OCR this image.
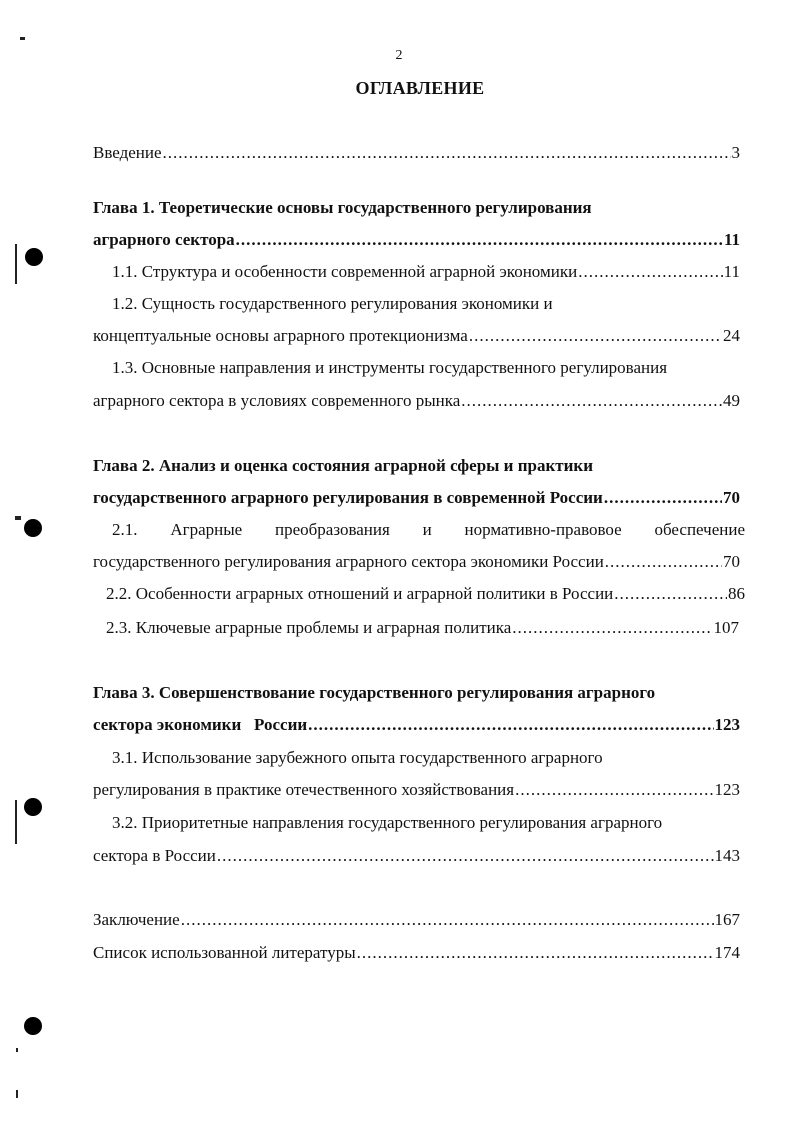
2
ОГЛАВЛЕНИЕ
Введение .....	3
Глава 1. Теоретические основы государственного регулирования
аграрного сектора .....	11
1.1. Структура и особенности современной аграрной экономики .....	11
1.2. Сущность государственного регулирования экономики и
концептуальные основы аграрного протекционизма .....	24
1.3. Основные направления и инструменты государственного регулирования
аграрного сектора в условиях современного рынка .....	49
Глава 2. Анализ и оценка состояния аграрной сферы и практики
государственного аграрного регулирования в современной России .....	70
2.1. Аграрные преобразования и нормативно-правовое обеспечение
государственного регулирования аграрного сектора экономики России .....	70
2.2. Особенности аграрных отношений и аграрной политики в России .....	86
2.3. Ключевые аграрные проблемы и аграрная политика .....	107
Глава 3. Совершенствование государственного регулирования аграрного
сектора экономики   России .....	123
3.1. Использование зарубежного опыта государственного аграрного
регулирования в практике отечественного хозяйствования .....	123
3.2. Приоритетные направления государственного регулирования аграрного
сектора в России .....	143
Заключение .....	167
Список использованной литературы .....	174
